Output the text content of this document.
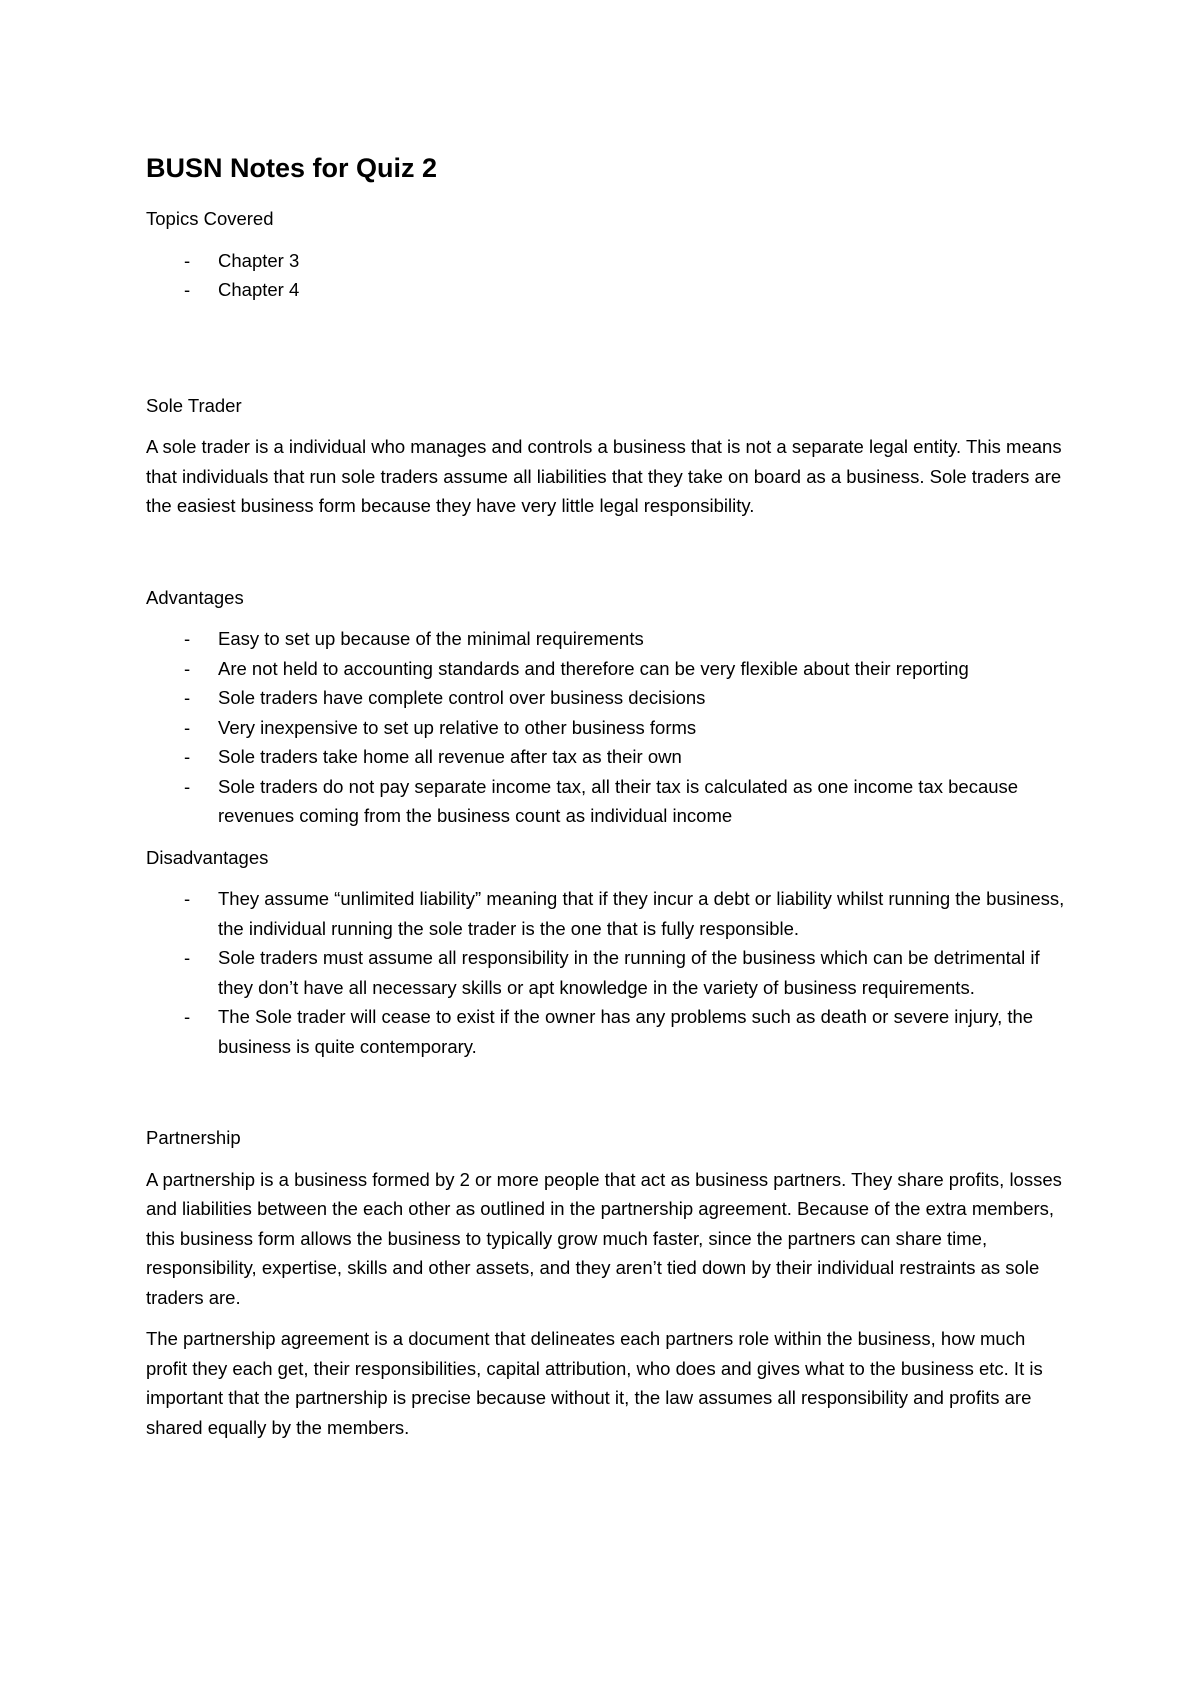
BUSN Notes for Quiz 2

Topics Covered

- Chapter 3
- Chapter 4

Sole Trader

A sole trader is a individual who manages and controls a business that is not a separate legal entity. This means that individuals that run sole traders assume all liabilities that they take on board as a business. Sole traders are the easiest business form because they have very little legal responsibility.

Advantages

- Easy to set up because of the minimal requirements
- Are not held to accounting standards and therefore can be very flexible about their reporting
- Sole traders have complete control over business decisions
- Very inexpensive to set up relative to other business forms
- Sole traders take home all revenue after tax as their own
- Sole traders do not pay separate income tax, all their tax is calculated as one income tax because revenues coming from the business count as individual income

Disadvantages

- They assume “unlimited liability” meaning that if they incur a debt or liability whilst running the business, the individual running the sole trader is the one that is fully responsible.
- Sole traders must assume all responsibility in the running of the business which can be detrimental if they don’t have all necessary skills or apt knowledge in the variety of business requirements.
- The Sole trader will cease to exist if the owner has any problems such as death or severe injury, the business is quite contemporary.

Partnership

A partnership is a business formed by 2 or more people that act as business partners. They share profits, losses and liabilities between the each other as outlined in the partnership agreement. Because of the extra members, this business form allows the business to typically grow much faster, since the partners can share time, responsibility, expertise, skills and other assets, and they aren’t tied down by their individual restraints as sole traders are.

The partnership agreement is a document that delineates each partners role within the business, how much profit they each get, their responsibilities, capital attribution, who does and gives what to the business etc. It is important that the partnership is precise because without it, the law assumes all responsibility and profits are shared equally by the members.
